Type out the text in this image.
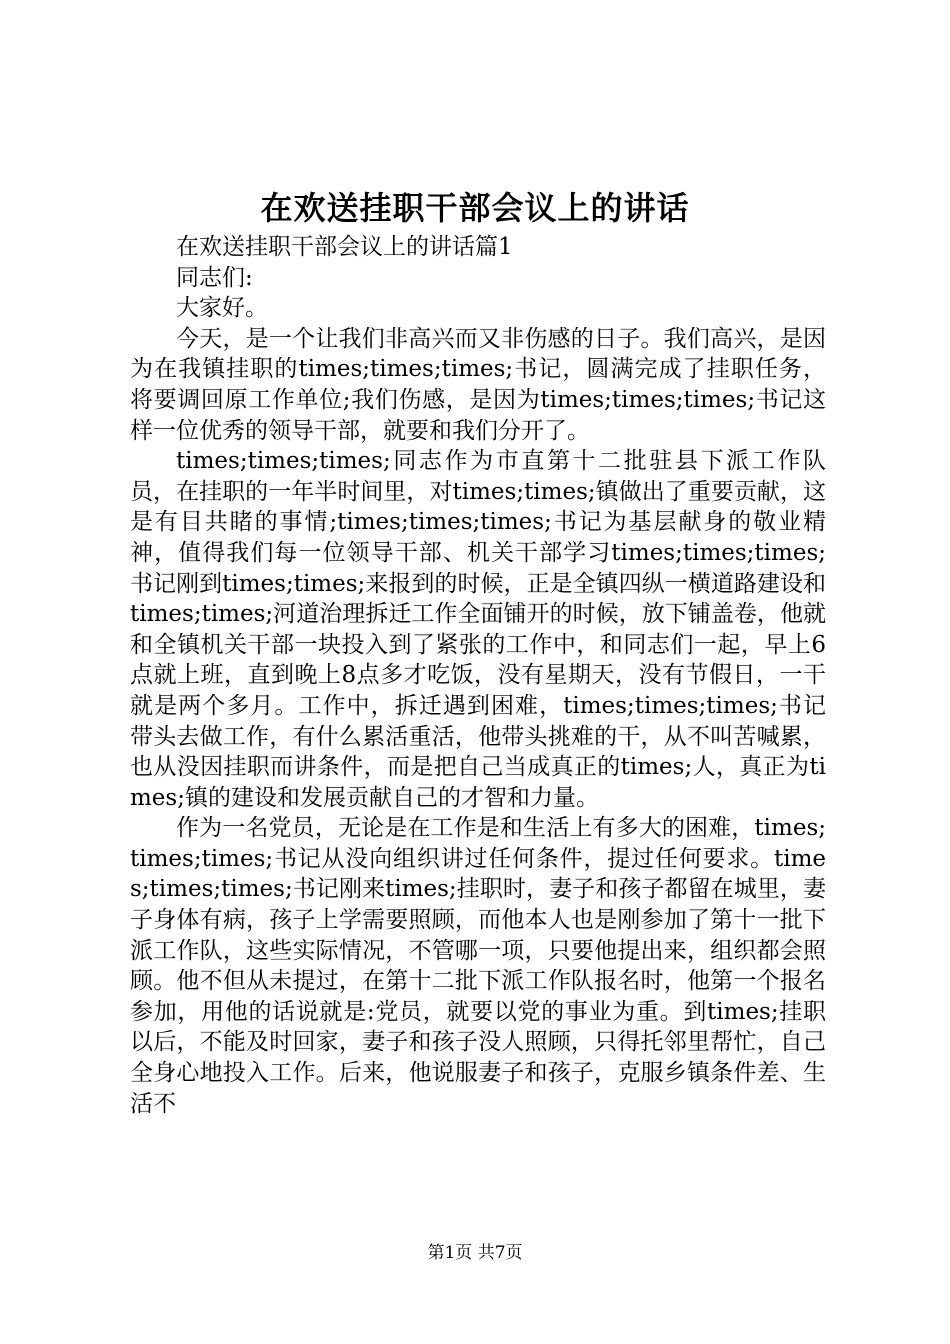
在欢送挂职干部会议上的讲话

在欢送挂职干部会议上的讲话篇1

同志们:

大家好。

今天，是一个让我们非高兴而又非伤感的日子。我们高兴，是因为在我镇挂职的times;times;times;书记，圆满完成了挂职任务，将要调回原工作单位;我们伤感，是因为times;times;times;书记这样一位优秀的领导干部，就要和我们分开了。

times;times;times;同志作为市直第十二批驻县下派工作队员，在挂职的一年半时间里，对times;times;镇做出了重要贡献，这是有目共睹的事情;times;times;times;书记为基层献身的敬业精神，值得我们每一位领导干部、机关干部学习times;times;times;书记刚到times;times;来报到的时候，正是全镇四纵一横道路建设和times;times;河道治理拆迁工作全面铺开的时候，放下铺盖卷，他就和全镇机关干部一块投入到了紧张的工作中，和同志们一起，早上6点就上班，直到晚上8点多才吃饭，没有星期天，没有节假日，一干就是两个多月。工作中，拆迁遇到困难，times;times;times;书记带头去做工作，有什么累活重活，他带头挑难的干，从不叫苦喊累，也从没因挂职而讲条件，而是把自己当成真正的times;人，真正为times;镇的建设和发展贡献自己的才智和力量。

作为一名党员，无论是在工作是和生活上有多大的困难，times;times;times;书记从没向组织讲过任何条件，提过任何要求。times;times;times;书记刚来times;挂职时，妻子和孩子都留在城里，妻子身体有病，孩子上学需要照顾，而他本人也是刚参加了第十一批下派工作队，这些实际情况，不管哪一项，只要他提出来，组织都会照顾。他不但从未提过，在第十二批下派工作队报名时，他第一个报名参加，用他的话说就是:党员，就要以党的事业为重。到times;挂职以后，不能及时回家，妻子和孩子没人照顾，只得托邻里帮忙，自己全身心地投入工作。后来，他说服妻子和孩子，克服乡镇条件差、生活不

第1页 共7页
